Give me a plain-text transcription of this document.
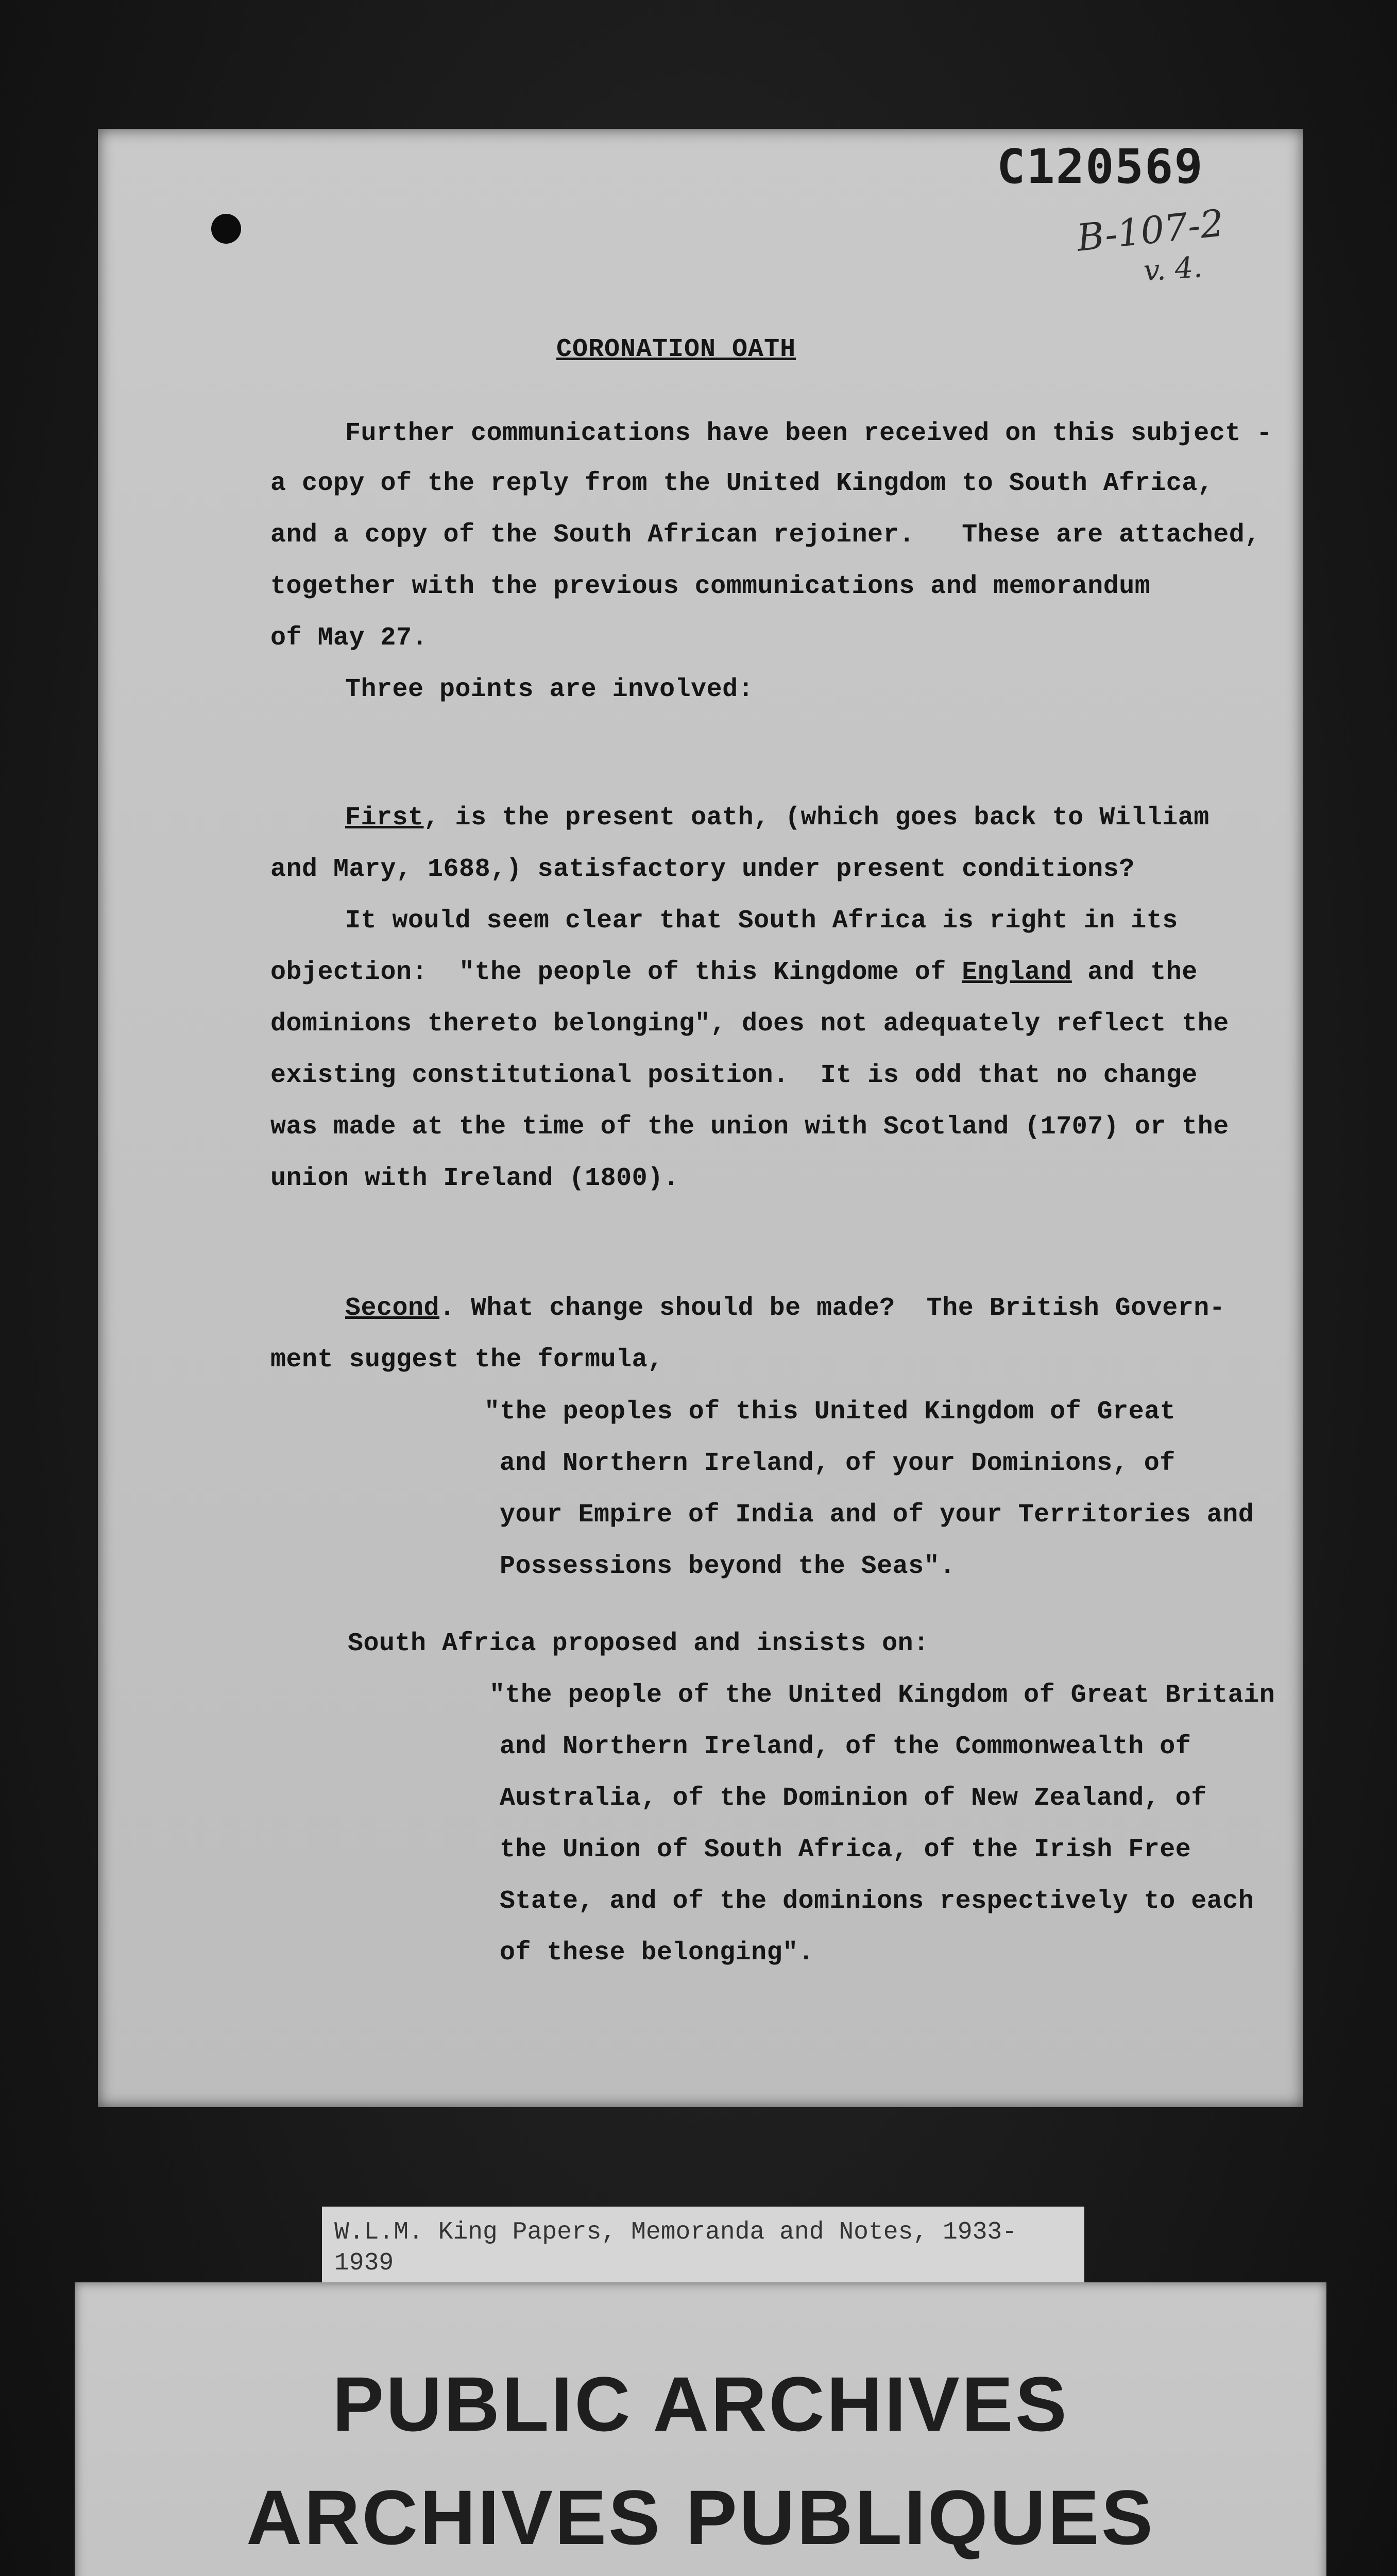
C120569
B-107-2
v. 4.
CORONATION OATH
Further communications have been received on this subject -
a copy of the reply from the United Kingdom to South Africa,
and a copy of the South African rejoiner.   These are attached,
together with the previous communications and memorandum
of May 27.
Three points are involved:
First, is the present oath, (which goes back to William
and Mary, 1688,) satisfactory under present conditions?
It would seem clear that South Africa is right in its
objection:  "the people of this Kingdome of England and the
dominions thereto belonging", does not adequately reflect the
existing constitutional position.  It is odd that no change
was made at the time of the union with Scotland (1707) or the
union with Ireland (1800).
Second. What change should be made?  The British Govern-
ment suggest the formula,
"the peoples of this United Kingdom of Great
and Northern Ireland, of your Dominions, of
your Empire of India and of your Territories and
Possessions beyond the Seas".
South Africa proposed and insists on:
"the people of the United Kingdom of Great Britain
and Northern Ireland, of the Commonwealth of
Australia, of the Dominion of New Zealand, of
the Union of South Africa, of the Irish Free
State, and of the dominions respectively to each
of these belonging".
W.L.M. King Papers, Memoranda and Notes, 1933-1939
PUBLIC ARCHIVES
ARCHIVES PUBLIQUES
